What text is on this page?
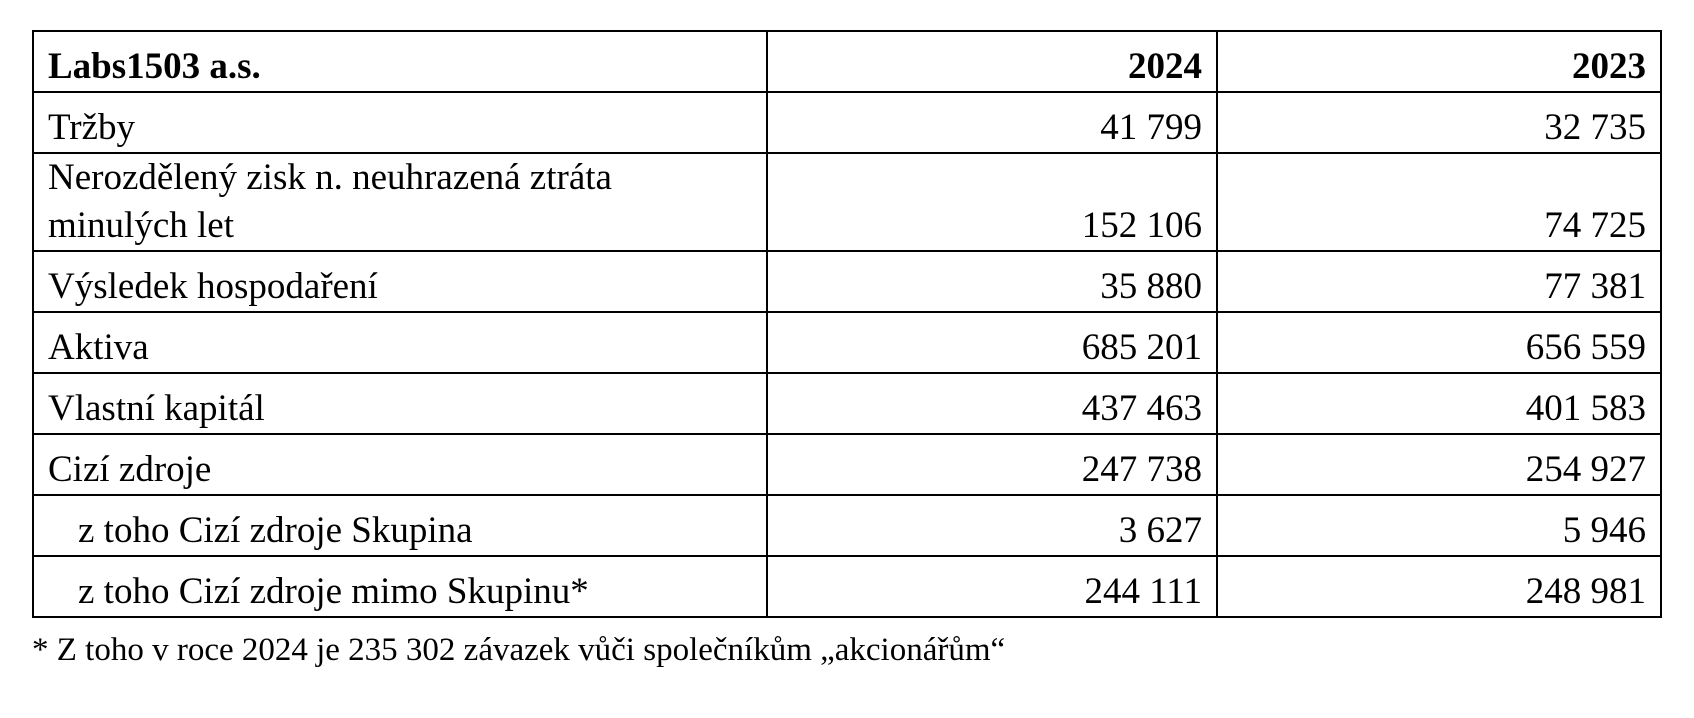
Labs1503 a.s.	2024	2023
Tržby	41 799	32 735
Nerozdělený zisk n. neuhrazená ztráta
minulých let	152 106	74 725
Výsledek hospodaření	35 880	77 381
Aktiva	685 201	656 559
Vlastní kapitál	437 463	401 583
Cizí zdroje	247 738	254 927
z toho Cizí zdroje Skupina	3 627	5 946
z toho Cizí zdroje mimo Skupinu*	244 111	248 981
* Z toho v roce 2024 je 235 302 závazek vůči společníkům „akcionářům“
